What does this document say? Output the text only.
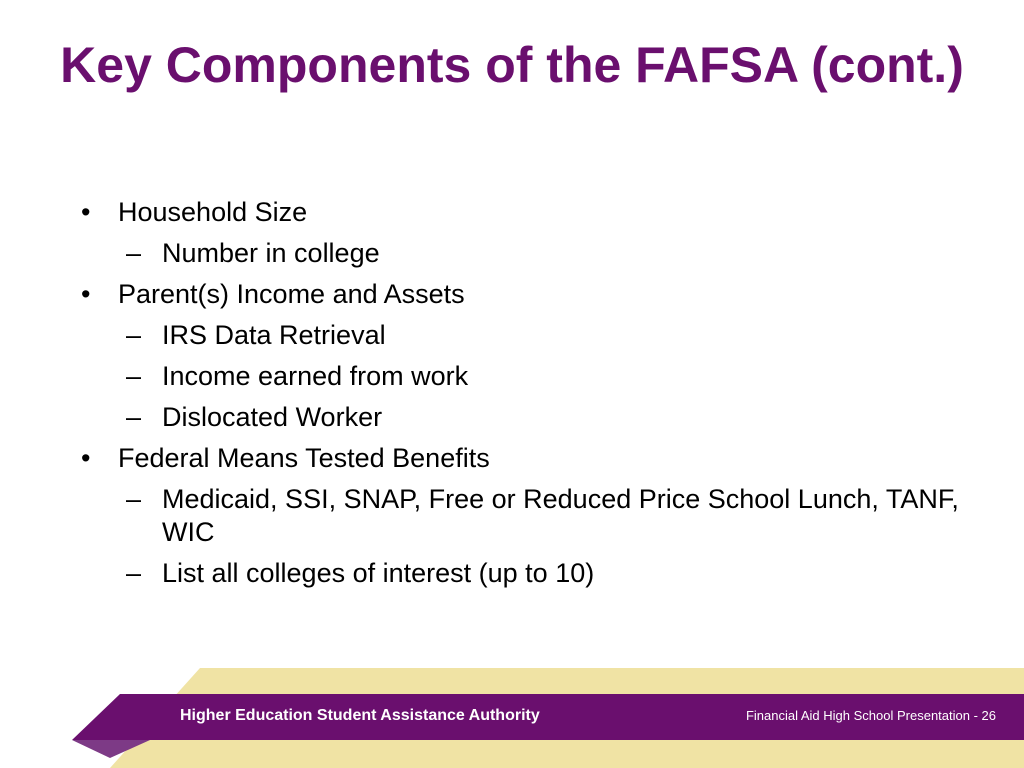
Key Components of the FAFSA (cont.)
• Household Size
– Number in college
• Parent(s) Income and Assets
– IRS Data Retrieval
– Income earned from work
– Dislocated Worker
• Federal Means Tested Benefits
– Medicaid, SSI, SNAP, Free or Reduced Price School Lunch, TANF, WIC
– List all colleges of interest (up to 10)
Higher Education Student Assistance Authority	Financial Aid High School Presentation - 26
